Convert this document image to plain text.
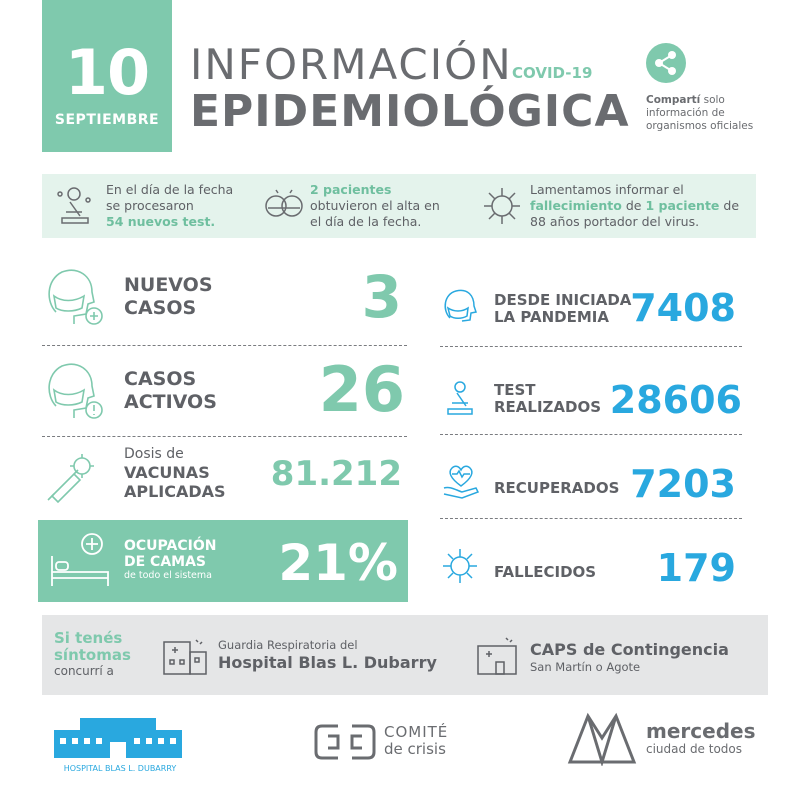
10
SEPTIEMBRE
INFORMACIÓN COVID-19
EPIDEMIOLÓGICA Compartí solo
información de
organismos oficiales
En el día de la fecha
se procesaron
54 nuevos test.
2 pacientes
obtuvieron el alta en
el día de la fecha.
Lamentamos informar el
fallecimiento de 1 paciente de
88 años portador del virus.
NUEVOS
CASOS	3
CASOS
ACTIVOS	26
Dosis de
VACUNAS
APLICADAS	81.212
OCUPACIÓN
DE CAMAS
de todo el sistema 21%
DESDE INICIADA
LA PANDEMIA 7408
TEST
REALIZADOS 28606
RECUPERADOS 7203
FALLECIDOS	179
Si tenés
síntomas
concurrí a
Guardia Respiratoria del
Hospital Blas L. Dubarry
CAPS de Contingencia
San Martín o Agote
HOSPITAL BLAS L. DUBARRY
COMITÉ
de crisis
mercedes
ciudad de todos
